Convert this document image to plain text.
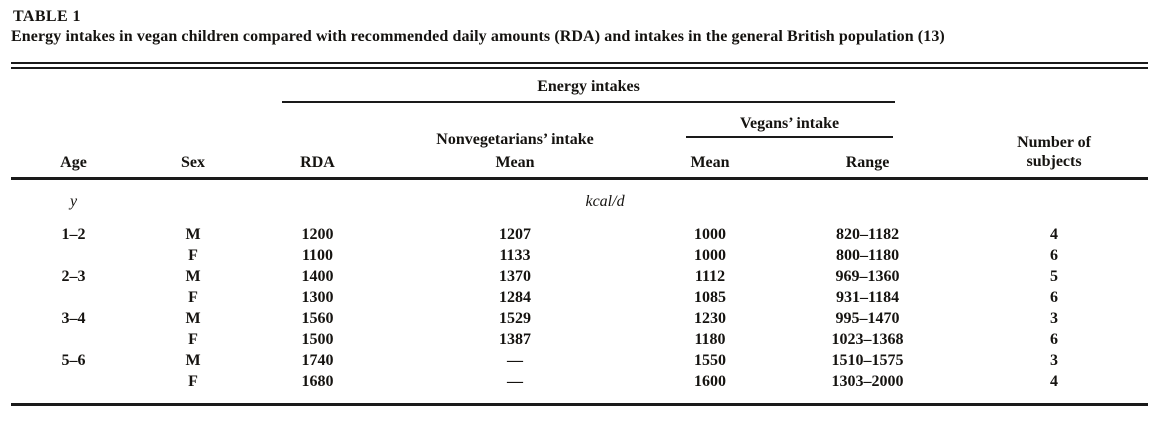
TABLE 1
Energy intakes in vegan children compared with recommended daily amounts (RDA) and intakes in the general British population (13)

		Energy intakes				Number of
subjects

			Nonvegetarians’ intake	Vegans’ intake		

Age	Sex	RDA	Mean	Mean	Range	
y		kcal/d				
1–2	M	1200	1207	1000	820–1182	4
	F	1100	1133	1000	800–1180	6
2–3	M	1400	1370	1112	969–1360	5
	F	1300	1284	1085	931–1184	6
3–4	M	1560	1529	1230	995–1470	3
	F	1500	1387	1180	1023–1368	6
5–6	M	1740	—	1550	1510–1575	3
	F	1680	—	1600	1303–2000	4
